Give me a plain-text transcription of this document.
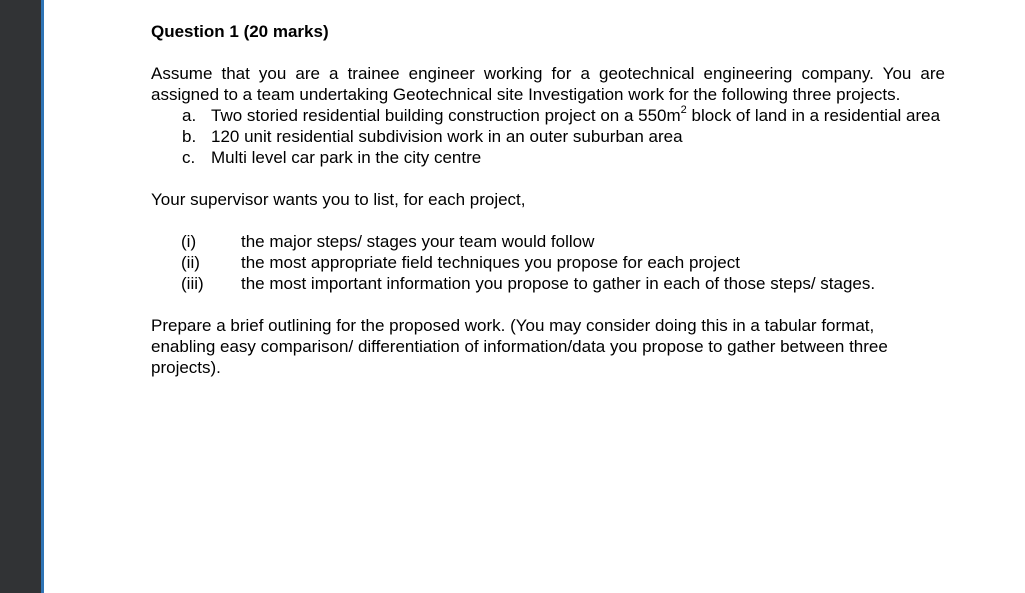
Question 1 (20 marks)

Assume that you are a trainee engineer working for a geotechnical engineering company. You are assigned to a team undertaking Geotechnical site Investigation work for the following three projects.

a. Two storied residential building construction project on a $550m^2$ block of land in a residential area
b. 120 unit residential subdivision work in an outer suburban area
c. Multi level car park in the city centre

Your supervisor wants you to list, for each project,

(i)	the major steps/ stages your team would follow
(ii) the most appropriate field techniques you propose for each project
(iii) the most important information you propose to gather in each of those steps/ stages.

Prepare a brief outlining for the proposed work. (You may consider doing this in a tabular format, enabling easy comparison/ differentiation of information/data you propose to gather between three projects).
